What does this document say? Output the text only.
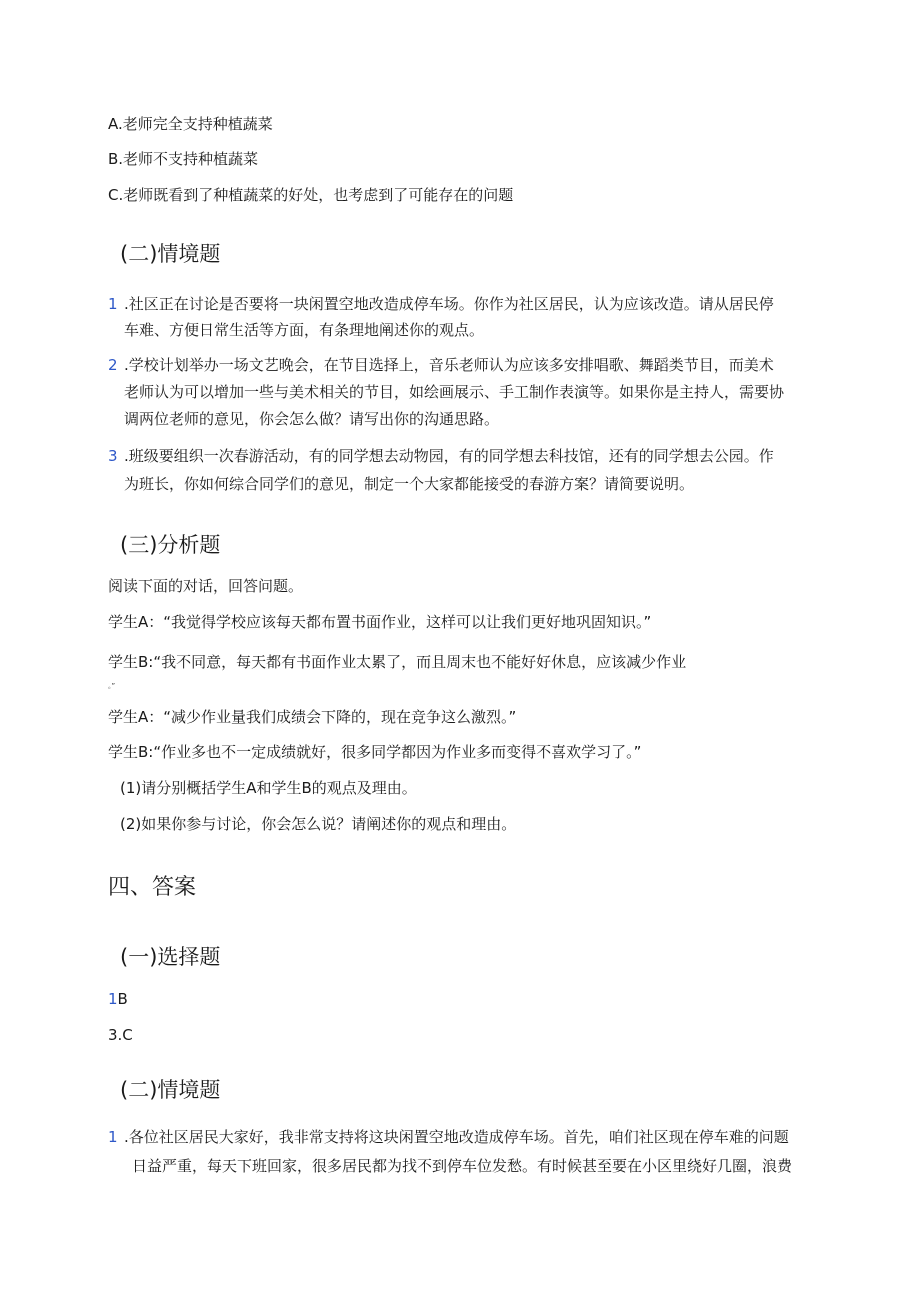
A.老师完全支持种植蔬菜
B.老师不支持种植蔬菜
C.老师既看到了种植蔬菜的好处，也考虑到了可能存在的问题
(二)情境题
1 .社区正在讨论是否要将一块闲置空地改造成停车场。你作为社区居民，认为应该改造。请从居民停
车难、方便日常生活等方面，有条理地阐述你的观点。
2 .学校计划举办一场文艺晚会，在节目选择上，音乐老师认为应该多安排唱歌、舞蹈类节目，而美术
老师认为可以增加一些与美术相关的节目，如绘画展示、手工制作表演等。如果你是主持人，需要协
调两位老师的意见，你会怎么做？请写出你的沟通思路。
3 .班级要组织一次春游活动，有的同学想去动物园，有的同学想去科技馆，还有的同学想去公园。作
为班长，你如何综合同学们的意见，制定一个大家都能接受的春游方案？请简要说明。
(三)分析题
阅读下面的对话，回答问题。
学生A：“我觉得学校应该每天都布置书面作业，这样可以让我们更好地巩固知识。”
学生B:“我不同意，每天都有书面作业太累了，而且周末也不能好好休息，应该减少作业
。”
学生A：“减少作业量我们成绩会下降的，现在竞争这么激烈。”
学生B:“作业多也不一定成绩就好，很多同学都因为作业多而变得不喜欢学习了。”
(1)请分别概括学生A和学生B的观点及理由。
(2)如果你参与讨论，你会怎么说？请阐述你的观点和理由。
四、答案
(一)选择题
1B
3.C
(二)情境题
1 .各位社区居民大家好，我非常支持将这块闲置空地改造成停车场。首先，咱们社区现在停车难的问题
日益严重，每天下班回家，很多居民都为找不到停车位发愁。有时候甚至要在小区里绕好几圈，浪费
